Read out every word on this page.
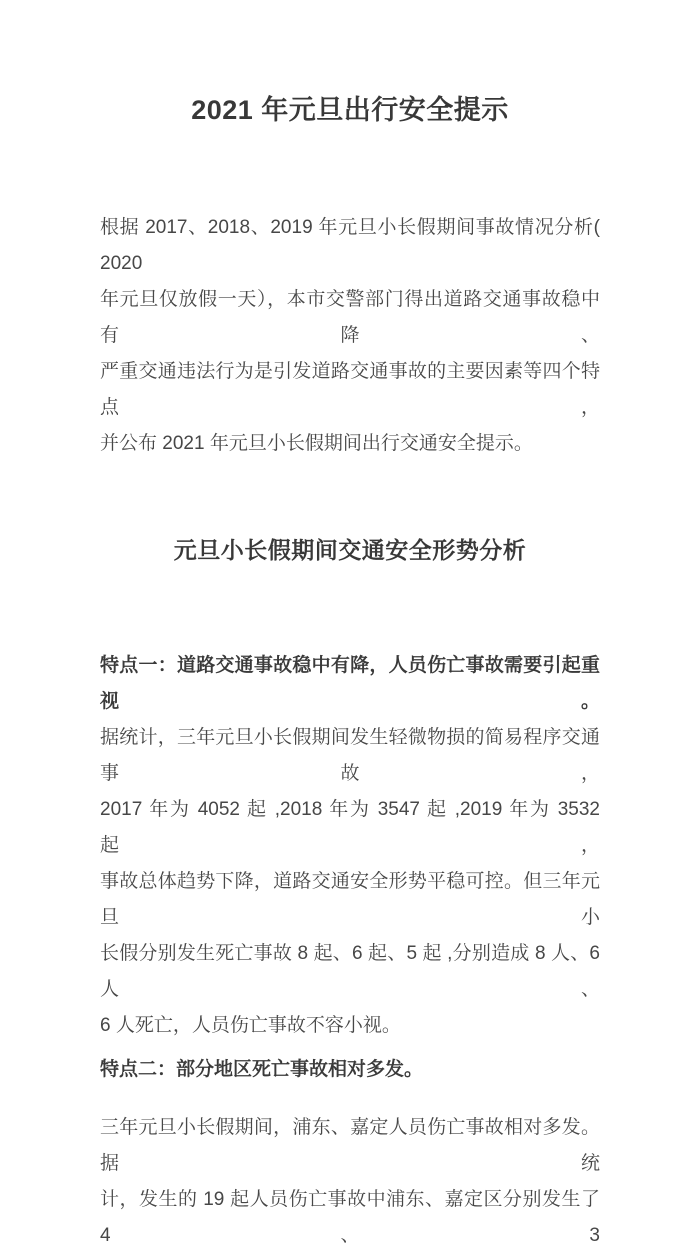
2021 年元旦出行安全提示
根据 2017、2018、2019 年元旦小长假期间事故情况分析( 2020
年元旦仅放假一天），本市交警部门得出道路交通事故稳中有降、
严重交通违法行为是引发道路交通事故的主要因素等四个特点，
并公布 2021 年元旦小长假期间出行交通安全提示。
元旦小长假期间交通安全形势分析
特点一：道路交通事故稳中有降，人员伤亡事故需要引起重视。
据统计，三年元旦小长假期间发生轻微物损的简易程序交通事故，
2017 年为 4052 起 ,2018 年为 3547 起 ,2019 年为 3532 起，
事故总体趋势下降，道路交通安全形势平稳可控。但三年元旦小
长假分别发生死亡事故 8 起、6 起、5 起 ,分别造成 8 人、6 人、
6 人死亡，人员伤亡事故不容小视。
特点二：部分地区死亡事故相对多发。
三年元旦小长假期间，浦东、嘉定人员伤亡事故相对多发。据统
计，发生的 19 起人员伤亡事故中浦东、嘉定区分别发生了 4、3
